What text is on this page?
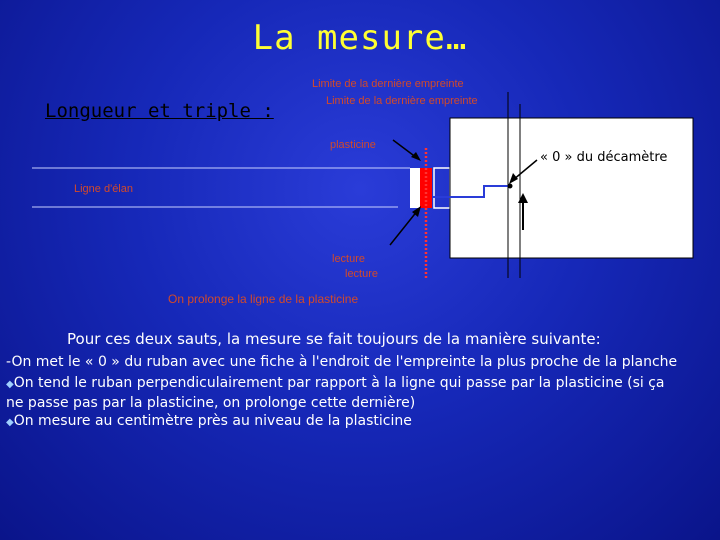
La mesure…
Longueur et triple :
Limite de la dernière empreinte
Limite de la dernière empreinte
plasticine
« 0 » du décamètre
Ligne d'élan
lecture
lecture
On prolonge la ligne de la plasticine
Pour ces deux sauts, la mesure se fait toujours de la manière suivante:
-On met le « 0 » du ruban avec une fiche à l'endroit de l'empreinte la plus proche de la planche
◆On tend le ruban perpendiculairement par rapport à la ligne qui passe par la plasticine (si ça
ne passe pas par la plasticine, on prolonge cette dernière)
◆On mesure au centimètre près au niveau de la plasticine
